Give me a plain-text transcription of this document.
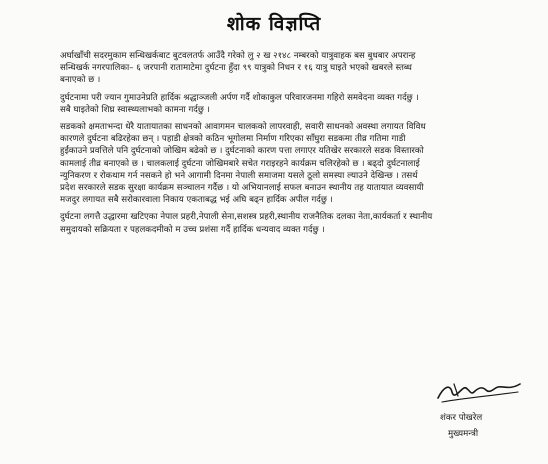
शोक विज्ञप्ति
अर्घाखाँची सदरमुकाम सन्धिखर्कबाट बुटवलतर्फ आउँदै गरेको लु २ ख २१४८ नम्बरको यात्रुवाहक बस बुधबार अपरान्ह
सन्धिखर्क नगरपालिका– ६ जरपानी रातामाटेमा दुर्घटना हुँदा ९९ यात्रुको निधन र १६ यात्रु घाइते भएको खबरले स्तब्ध
बनाएको छ ।
दुर्घटनामा परी ज्यान गुमाउनेप्रति हार्दिक श्रद्धाञ्जली अर्पण गर्दै शोकाकुल परिवारजनमा गहिरो समवेदना व्यक्त गर्दछु ।
सबै घाइतेको शिघ्र स्वास्थ्यलाभको कामना गर्दछु ।
सडकको क्षमताभन्दा धेरै यातायातका साधनको आवागमन चालकको लापरवाही, सवारी साधनको अवस्था लगायत विविध
कारणले दुर्घटना बढिरहेका छन् । पहाडी क्षेत्रको कठिन भूगोलमा निर्माण गरिएका साँघुरा सडकमा तीव्र गतिमा गाडी
हुईंकाउने प्रवत्तिले पनि दुर्घटनाको जोखिम बढेको छ । दुर्घटनाको कारण पत्ता लगाएर यतिखेर सरकारले सडक विस्तारको
कामलाई तीव्र बनाएको छ । चालकलाई दुर्घटना जोखिमबारे सचेत गराइरहने कार्यक्रम चलिरहेको छ । बढ्दो दुर्घटनालाई
न्युनिकरण र रोकथाम गर्न नसकने हो भने आगामी दिनमा नेपाली समाजमा यसले ठूलो समस्या ल्याउने देखिन्छ । तसर्थ
प्रदेश सरकारले सडक सुरक्षा कार्यक्रम सञ्चालन गर्दैछ । यो अभियानलाई सफल बनाउन स्थानीय तह यातायात व्यवसायी
मजदुर लगायत सबै सरोकारवाला निकाय एकताबद्ध भई अघि बढ्न हार्दिक अपील गर्दछु ।
दुर्घटना लगत्तै उद्धारमा खटिएका नेपाल प्रहरी,नेपाली सेना,सशस्त्र प्रहरी,स्थानीय राजनैतिक दलका नेता,कार्यकर्ता र स्थानीय
समुदायको सक्रियता र पहलकदमीको म उच्च प्रशंसा गर्दै हार्दिक धन्यवाद व्यक्त गर्दछु ।
शंकर पोखरेल
मुख्यमन्त्री
